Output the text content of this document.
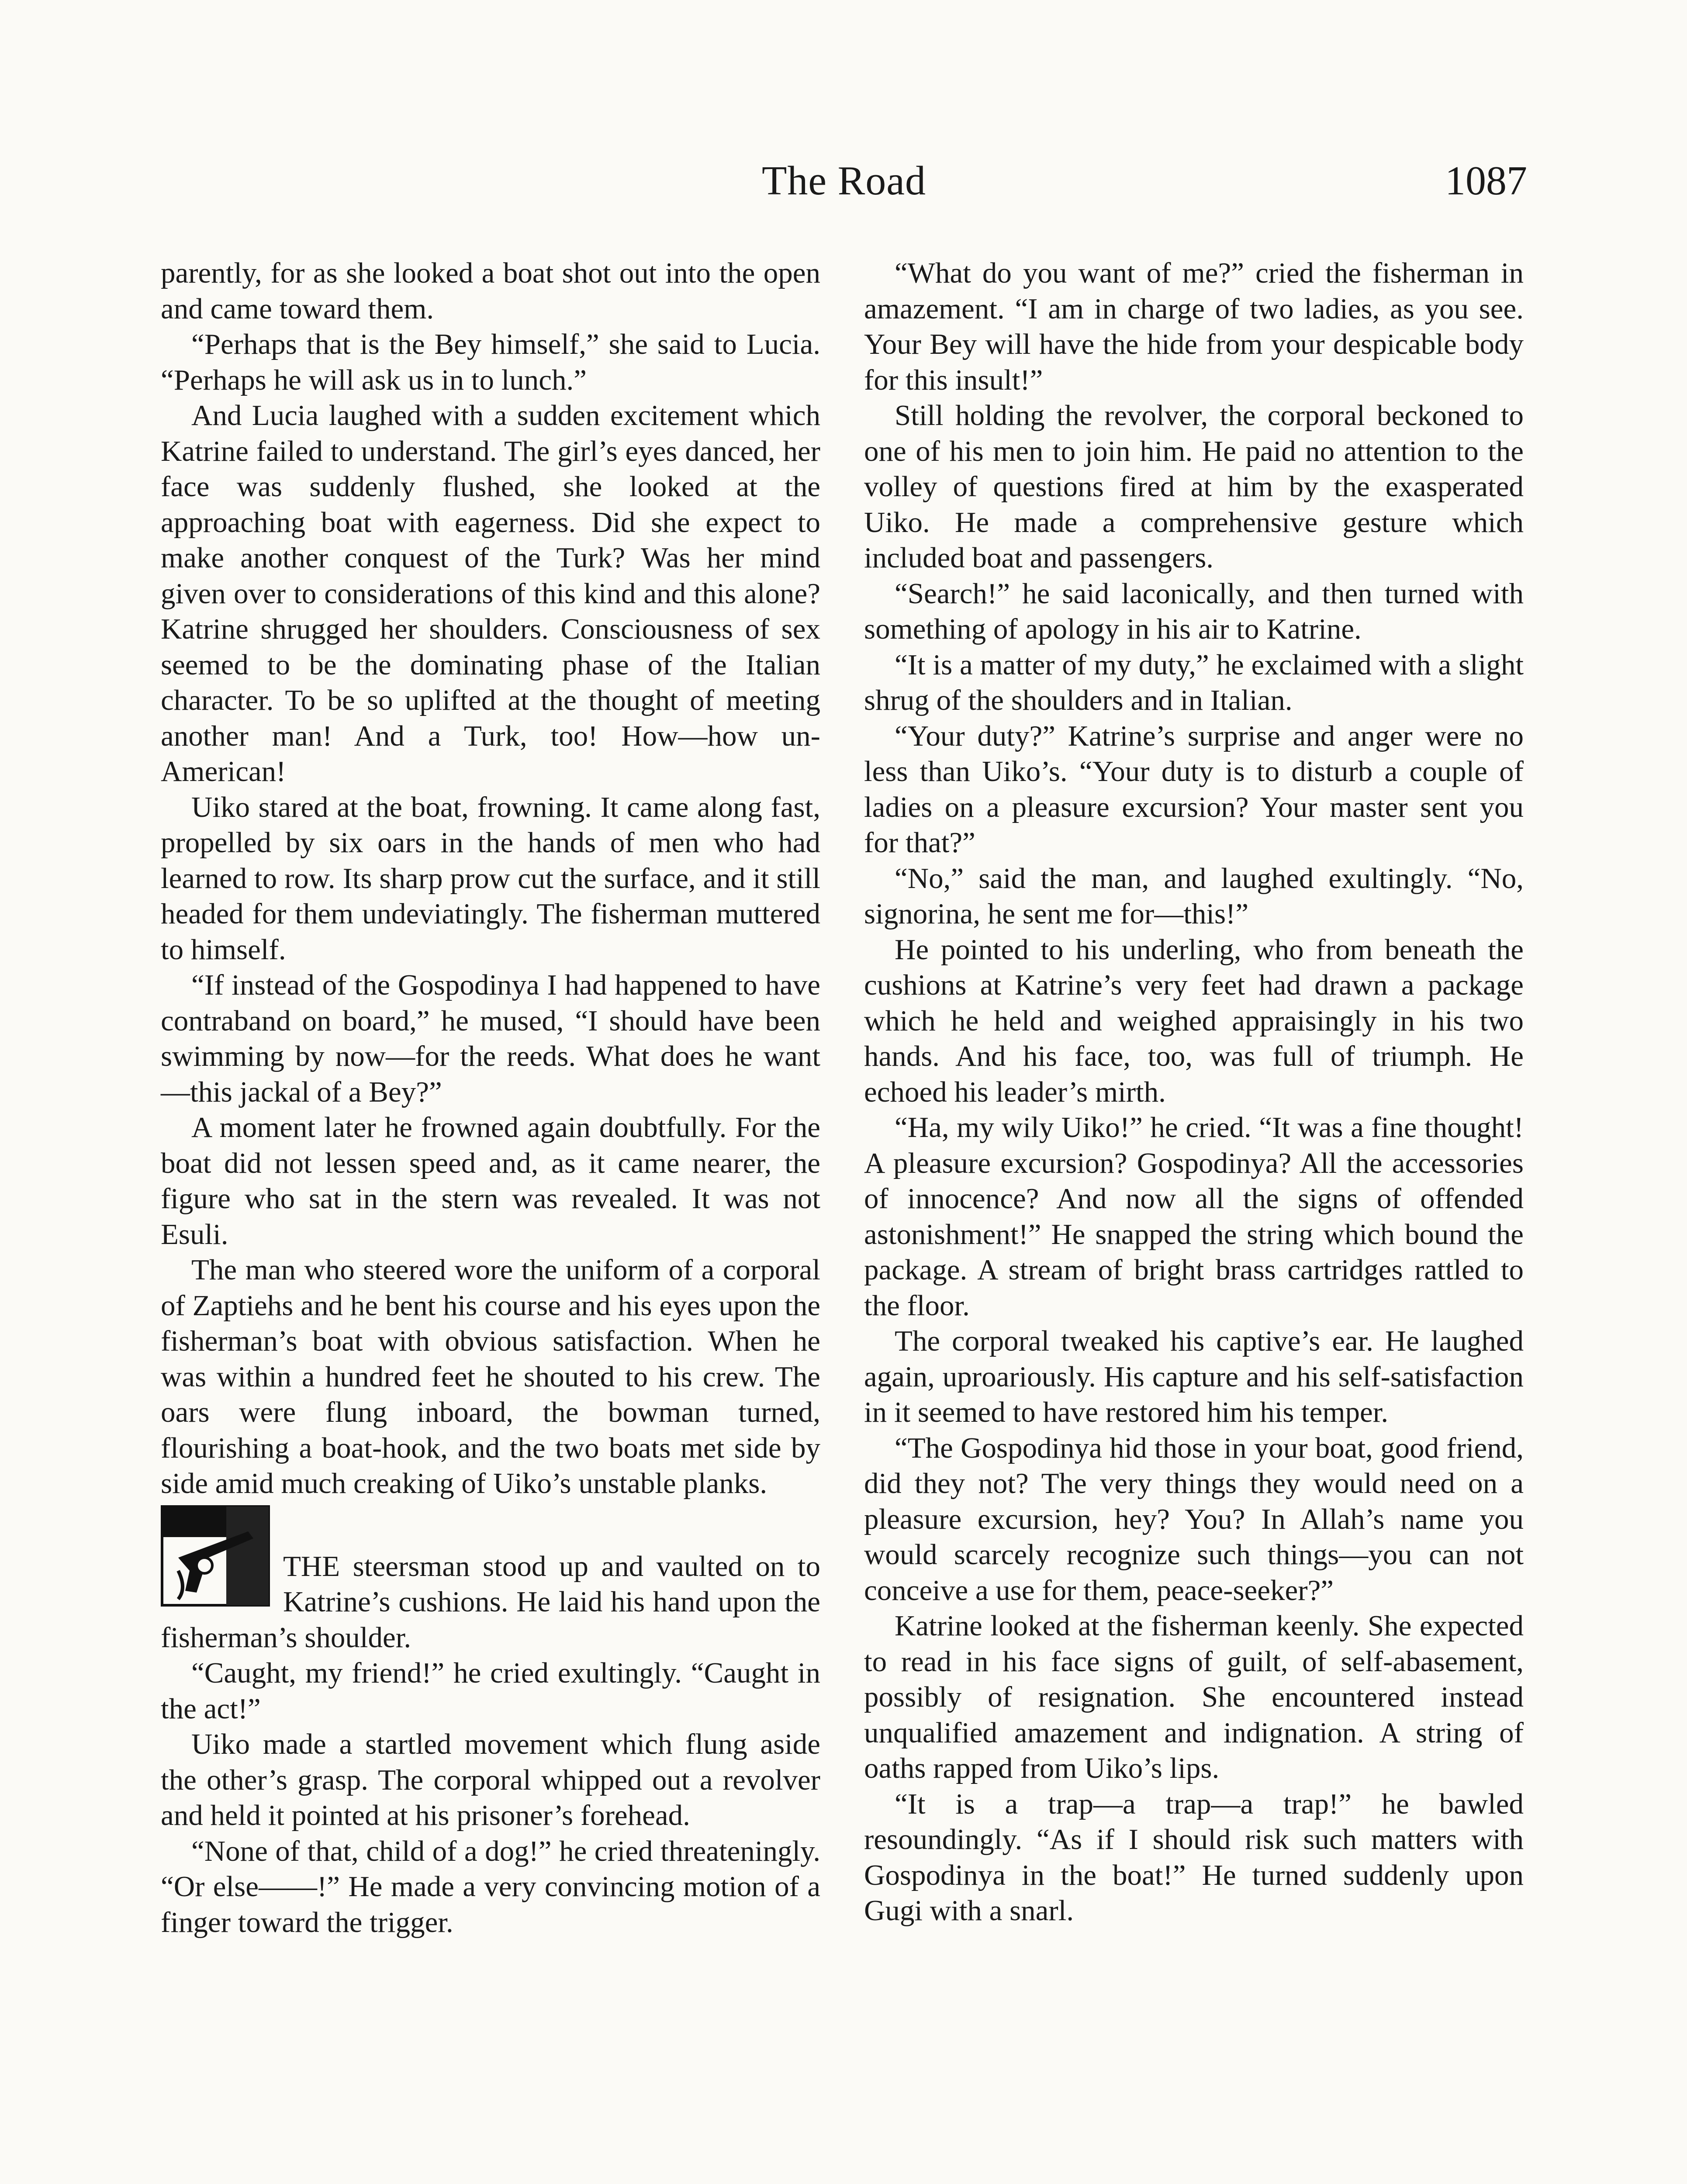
The Road	1087

parently, for as she looked a boat shot out into the open and came toward them.

“Perhaps that is the Bey himself,” she said to Lucia. “Perhaps he will ask us in to lunch.”

And Lucia laughed with a sudden excitement which Katrine failed to understand. The girl’s eyes danced, her face was suddenly flushed, she looked at the approaching boat with eagerness. Did she expect to make another conquest of the Turk? Was her mind given over to considerations of this kind and this alone? Katrine shrugged her shoulders. Consciousness of sex seemed to be the dominating phase of the Italian character. To be so uplifted at the thought of meeting another man! And a Turk, too! How—how un-American!

Uiko stared at the boat, frowning. It came along fast, propelled by six oars in the hands of men who had learned to row. Its sharp prow cut the surface, and it still headed for them undeviatingly. The fisherman muttered to himself.

“If instead of the Gospodinya I had happened to have contraband on board,” he mused, “I should have been swimming by now—for the reeds. What does he want—this jackal of a Bey?”

A moment later he frowned again doubtfully. For the boat did not lessen speed and, as it came nearer, the figure who sat in the stern was revealed. It was not Esuli.

The man who steered wore the uniform of a corporal of Zaptiehs and he bent his course and his eyes upon the fisherman’s boat with obvious satisfaction. When he was within a hundred feet he shouted to his crew. The oars were flung inboard, the bowman turned, flourishing a boat-hook, and the two boats met side by side amid much creaking of Uiko’s unstable planks.

THE steersman stood up and vaulted on to Katrine’s cushions. He laid his hand upon the fisherman’s shoulder.

“Caught, my friend!” he cried exultingly. “Caught in the act!”

Uiko made a startled movement which flung aside the other’s grasp. The corporal whipped out a revolver and held it pointed at his prisoner’s forehead.

“None of that, child of a dog!” he cried threateningly. “Or else——!” He made a very convincing motion of a finger toward the trigger.

“What do you want of me?” cried the fisherman in amazement. “I am in charge of two ladies, as you see. Your Bey will have the hide from your despicable body for this insult!”

Still holding the revolver, the corporal beckoned to one of his men to join him. He paid no attention to the volley of questions fired at him by the exasperated Uiko. He made a comprehensive gesture which included boat and passengers.

“Search!” he said laconically, and then turned with something of apology in his air to Katrine.

“It is a matter of my duty,” he exclaimed with a slight shrug of the shoulders and in Italian.

“Your duty?” Katrine’s surprise and anger were no less than Uiko’s. “Your duty is to disturb a couple of ladies on a pleasure excursion? Your master sent you for that?”

“No,” said the man, and laughed exultingly. “No, signorina, he sent me for—this!”

He pointed to his underling, who from beneath the cushions at Katrine’s very feet had drawn a package which he held and weighed appraisingly in his two hands. And his face, too, was full of triumph. He echoed his leader’s mirth.

“Ha, my wily Uiko!” he cried. “It was a fine thought! A pleasure excursion? Gospodinya? All the accessories of innocence? And now all the signs of offended astonishment!” He snapped the string which bound the package. A stream of bright brass cartridges rattled to the floor.

The corporal tweaked his captive’s ear. He laughed again, uproariously. His capture and his self-satisfaction in it seemed to have restored him his temper.

“The Gospodinya hid those in your boat, good friend, did they not? The very things they would need on a pleasure excursion, hey? You? In Allah’s name you would scarcely recognize such things—you can not conceive a use for them, peace-seeker?”

Katrine looked at the fisherman keenly. She expected to read in his face signs of guilt, of self-abasement, possibly of resignation. She encountered instead unqualified amazement and indignation. A string of oaths rapped from Uiko’s lips.

“It is a trap—a trap—a trap!” he bawled resoundingly. “As if I should risk such matters with Gospodinya in the boat!” He turned suddenly upon Gugi with a snarl.
